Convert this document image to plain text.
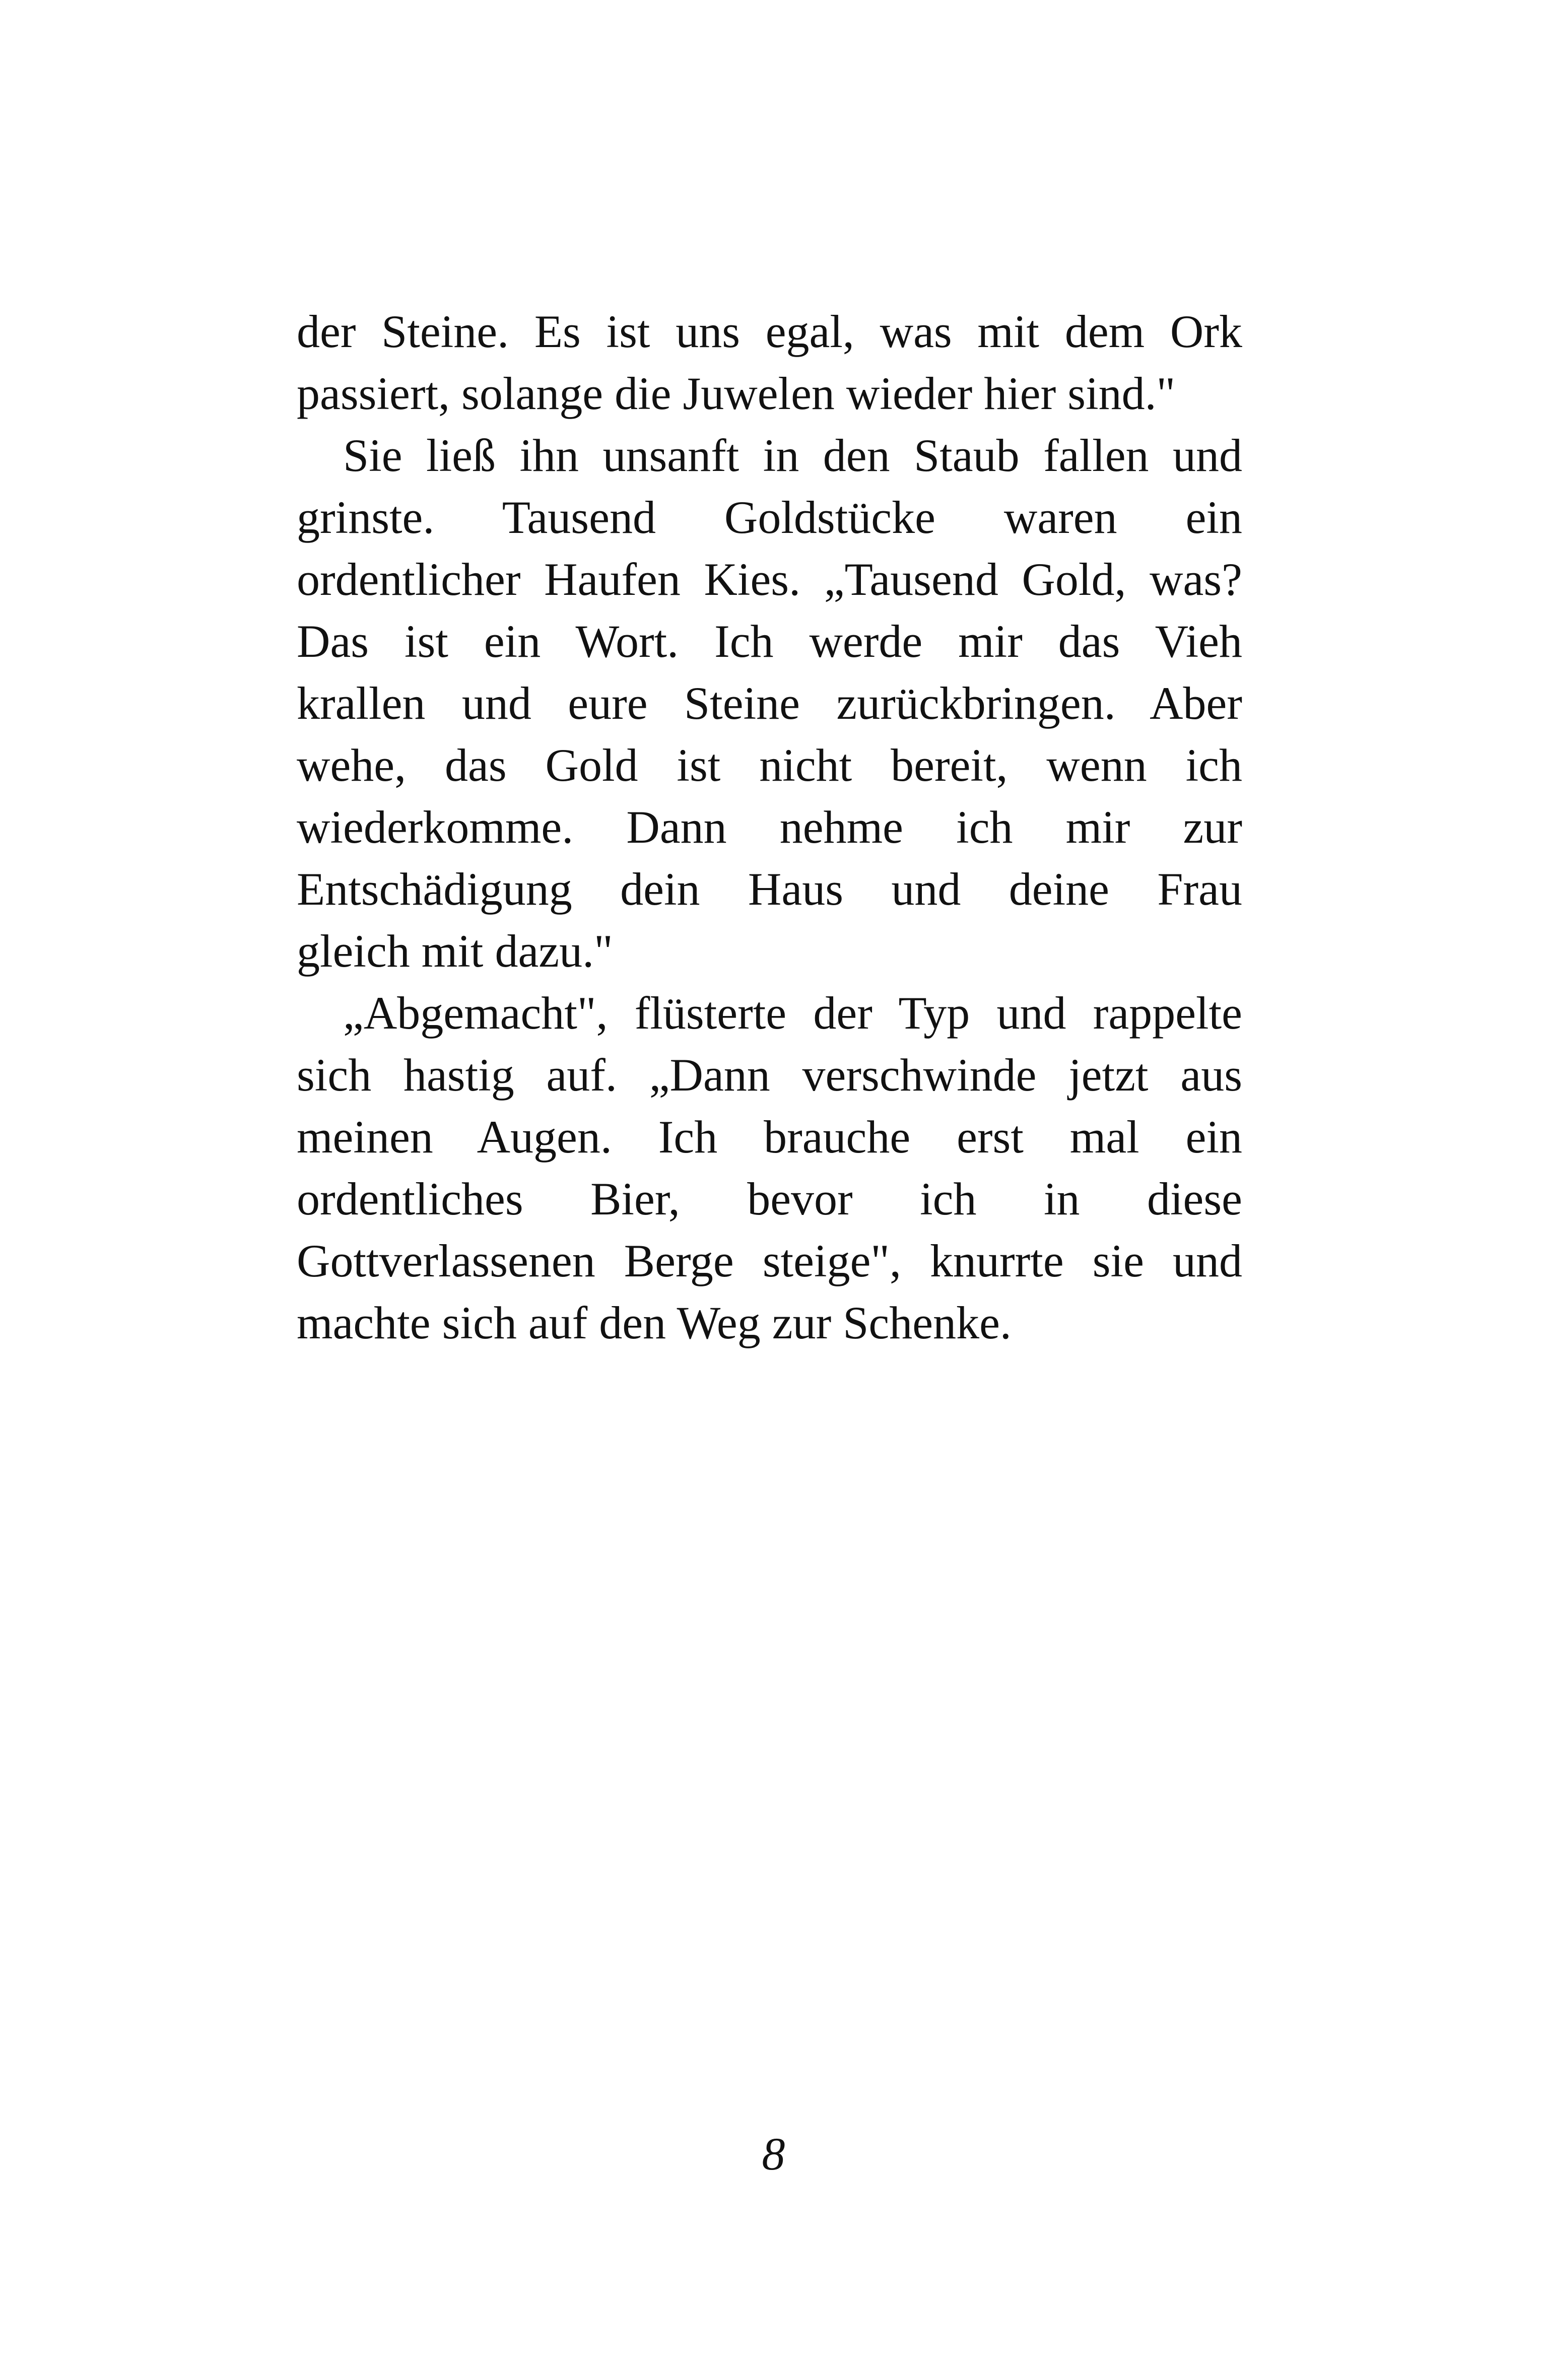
der Steine. Es ist uns egal, was mit dem Ork
passiert, solange die Juwelen wieder hier sind."
Sie ließ ihn unsanft in den Staub fallen und
grinste. Tausend Goldstücke waren ein
ordentlicher Haufen Kies. „Tausend Gold, was?
Das ist ein Wort. Ich werde mir das Vieh
krallen und eure Steine zurückbringen. Aber
wehe, das Gold ist nicht bereit, wenn ich
wiederkomme. Dann nehme ich mir zur
Entschädigung dein Haus und deine Frau
gleich mit dazu."
„Abgemacht", flüsterte der Typ und rappelte
sich hastig auf. „Dann verschwinde jetzt aus
meinen Augen. Ich brauche erst mal ein
ordentliches Bier, bevor ich in diese
Gottverlassenen Berge steige", knurrte sie und
machte sich auf den Weg zur Schenke.
8
